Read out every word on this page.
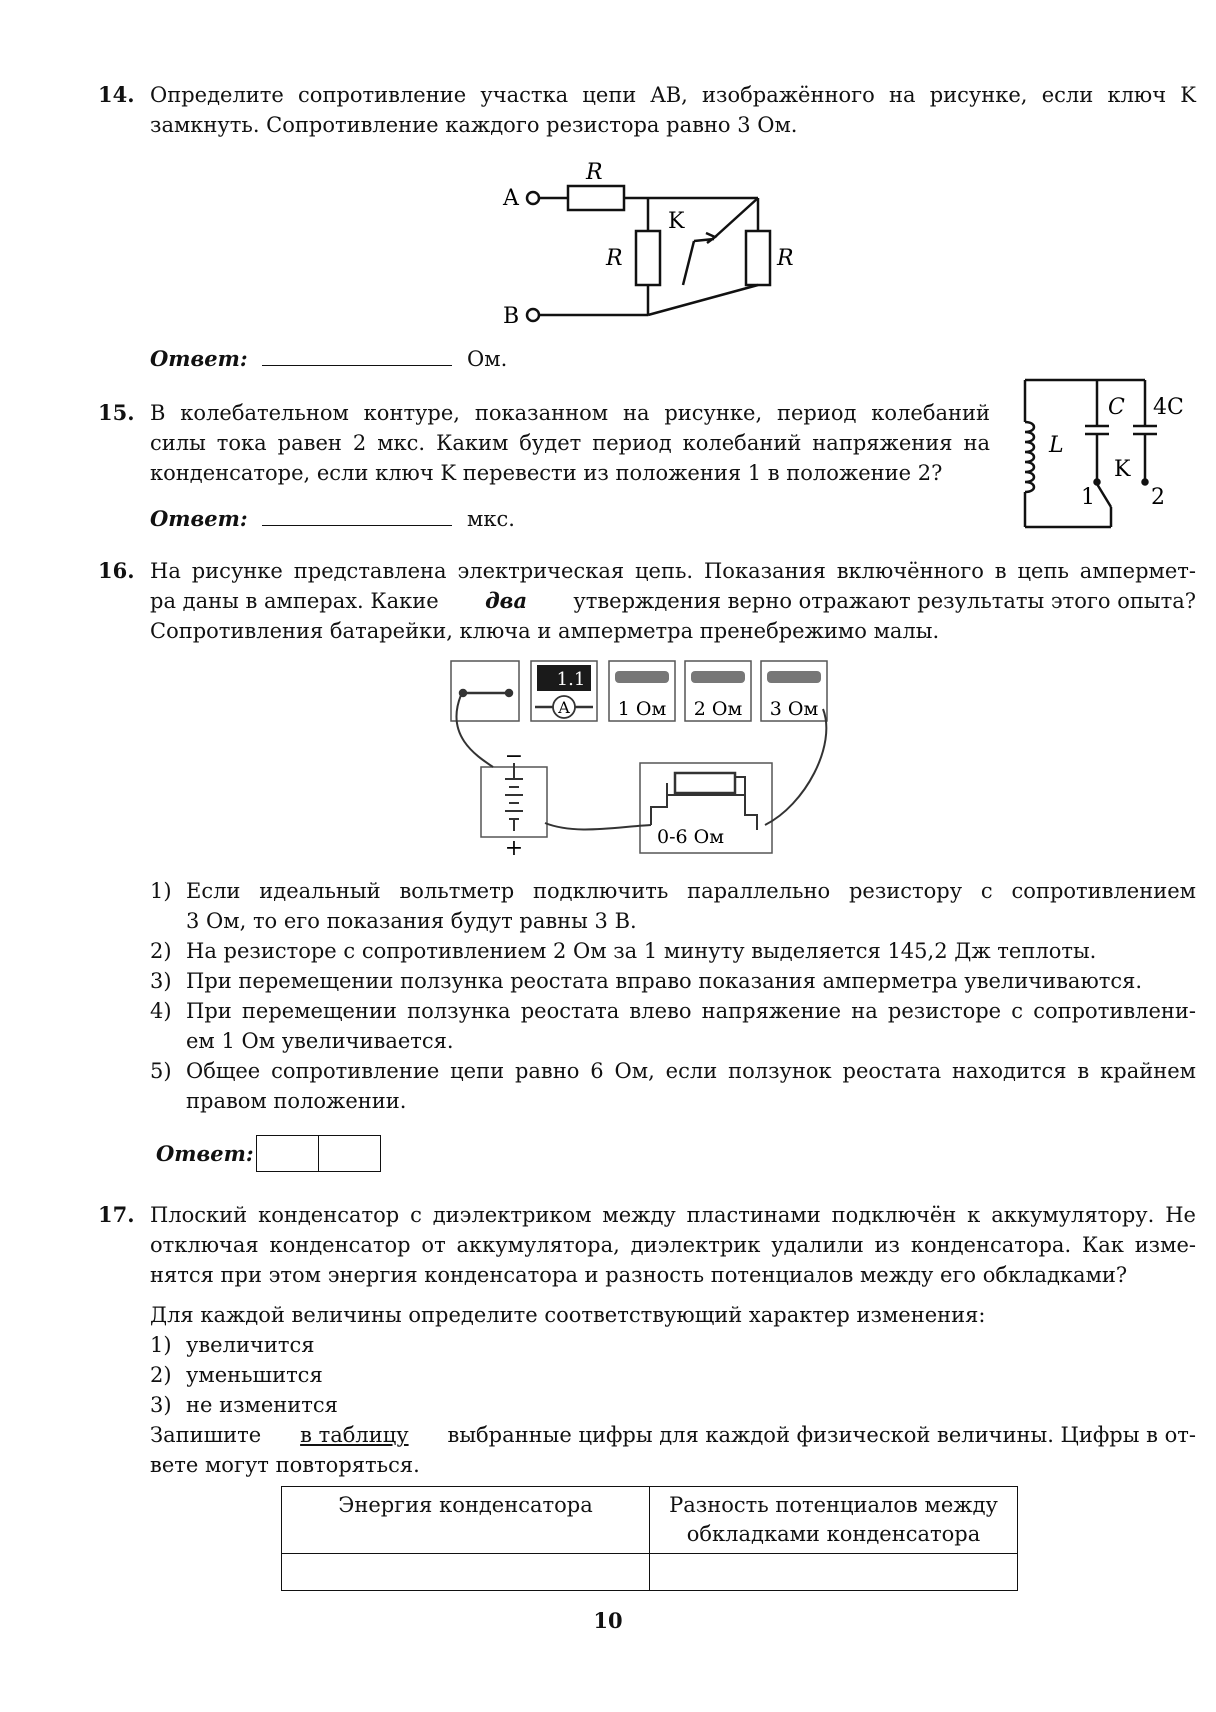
14. Определите сопротивление участка цепи AB, изображённого на рисунке, если ключ K
замкнуть. Сопротивление каждого резистора равно 3 Ом.
A
B
R
R	R
K
Ответ:	Ом.
15. В колебательном контуре, показанном на рисунке, период колебаний
силы тока равен 2 мкс. Каким будет период колебаний напряжения на
конденсаторе, если ключ K перевести из положения 1 в положение 2?
Ответ:	мкс.
C 4C
L
K
1	2
16. На рисунке представлена электрическая цепь. Показания включённого в цепь ампермет-
ра даны в амперах. Какие два утверждения верно отражают результаты этого опыта?
Сопротивления батарейки, ключа и амперметра пренебрежимо малы.
1.1
A	1 Ом 2 Ом 3 Ом
0-6 Ом
−
+
1) Если идеальный вольтметр подключить параллельно резистору с сопротивлением
3 Ом, то его показания будут равны 3 В.
2) На резисторе с сопротивлением 2 Ом за 1 минуту выделяется 145,2 Дж теплоты.
3) При перемещении ползунка реостата вправо показания амперметра увеличиваются.
4) При перемещении ползунка реостата влево напряжение на резисторе с сопротивлени-
ем 1 Ом увеличивается.
5) Общее сопротивление цепи равно 6 Ом, если ползунок реостата находится в крайнем
правом положении.
Ответ:
17. Плоский конденсатор с диэлектриком между пластинами подключён к аккумулятору. Не
отключая конденсатор от аккумулятора, диэлектрик удалили из конденсатора. Как изме-
нятся при этом энергия конденсатора и разность потенциалов между его обкладками?
Для каждой величины определите соответствующий характер изменения:
1) увеличится
2) уменьшится
3) не изменится
Запишите в таблицу выбранные цифры для каждой физической величины. Цифры в от-
вете могут повторяться.
Энергия конденсатора	Разность потенциалов между обкладками конденсатора

10
